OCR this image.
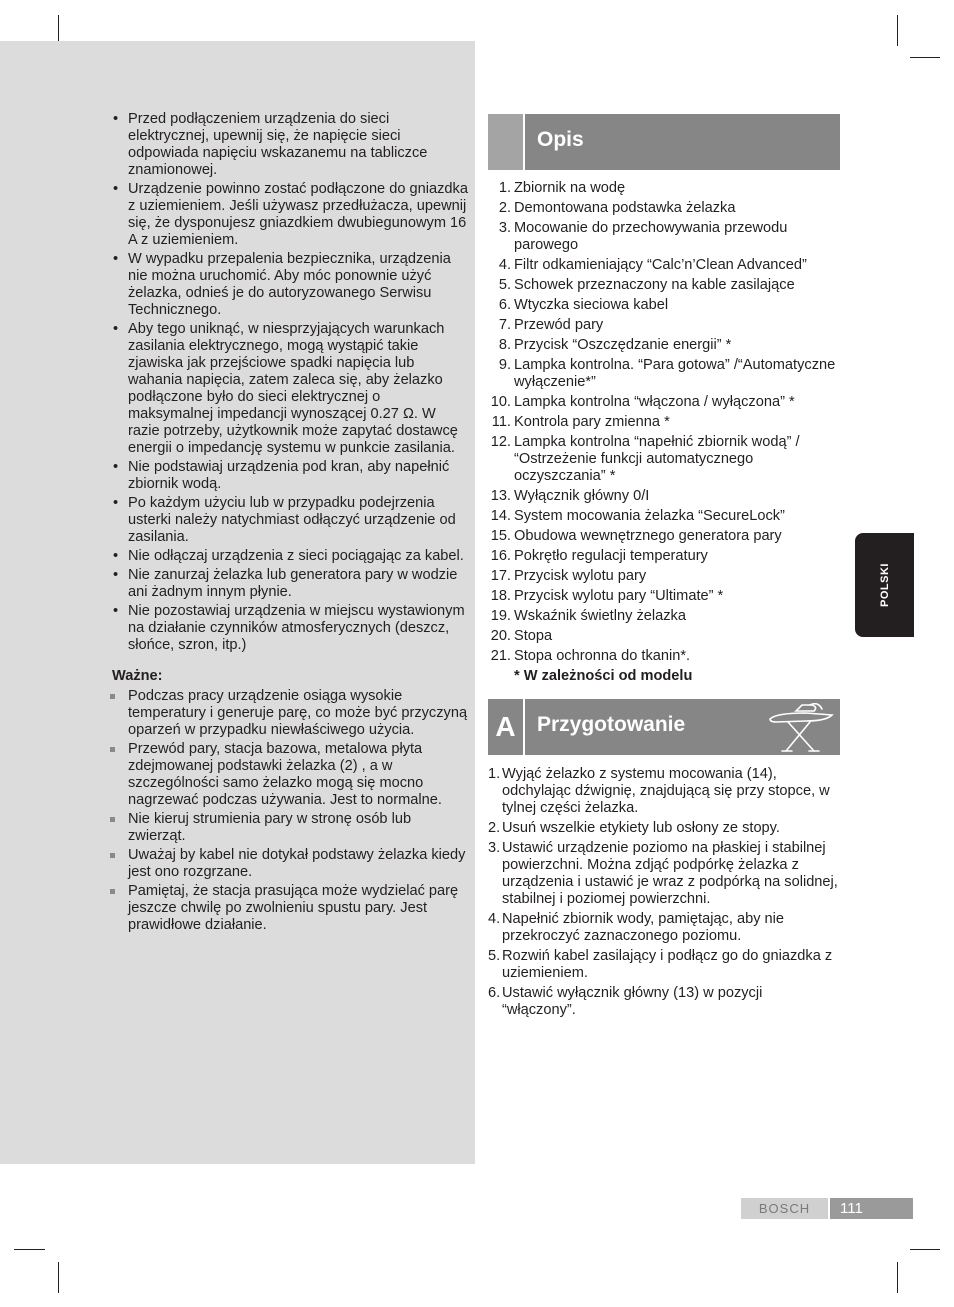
• Przed podłączeniem urządzenia do sieci elektrycznej, upewnij się, że napięcie sieci odpowiada napięciu wskazanemu na tabliczce znamionowej.
• Urządzenie powinno zostać podłączone do gniazdka z uziemieniem. Jeśli używasz przedłużacza, upewnij się, że dysponujesz gniazdkiem dwubiegunowym 16 A z uziemieniem.
• W wypadku przepalenia bezpiecznika, urządzenia nie można uruchomić. Aby móc ponownie użyć żelazka, odnieś je do autoryzowanego Serwisu Technicznego.
• Aby tego uniknąć, w niesprzyjających warunkach zasilania elektrycznego, mogą wystąpić takie zjawiska jak przejściowe spadki napięcia lub wahania napięcia, zatem zaleca się, aby żelazko podłączone było do sieci elektrycznej o maksymalnej impedancji wynoszącej 0.27 Ω. W razie potrzeby, użytkownik może zapytać dostawcę energii o impedancję systemu w punkcie zasilania.
• Nie podstawiaj urządzenia pod kran, aby napełnić zbiornik wodą.
• Po każdym użyciu lub w przypadku podejrzenia usterki należy natychmiast odłączyć urządzenie od zasilania.
• Nie odłączaj urządzenia z sieci pociągając za kabel.
• Nie zanurzaj żelazka lub generatora pary w wodzie ani żadnym innym płynie.
• Nie pozostawiaj urządzenia w miejscu wystawionym na działanie czynników atmosferycznych (deszcz, słońce, szron, itp.)
Ważne:
Podczas pracy urządzenie osiąga wysokie temperatury i generuje parę, co może być przyczyną oparzeń w przypadku niewłaściwego użycia.
Przewód pary, stacja bazowa, metalowa płyta zdejmowanej podstawki żelazka (2) , a w szczególności samo żelazko mogą się mocno nagrzewać podczas używania. Jest to normalne.
Nie kieruj strumienia pary w stronę osób lub zwierząt.
Uważaj by kabel nie dotykał podstawy żelazka kiedy jest ono rozgrzane.
Pamiętaj, że stacja prasująca może wydzielać parę jeszcze chwilę po zwolnieniu spustu pary. Jest prawidłowe działanie.
Opis
1. Zbiornik na wodę
2. Demontowana podstawka żelazka
3. Mocowanie do przechowywania przewodu parowego
4. Filtr odkamieniający “Calc’n’Clean Advanced”
5. Schowek przeznaczony na kable zasilające
6. Wtyczka sieciowa kabel
7. Przewód pary
8. Przycisk “Oszczędzanie energii” *
9. Lampka kontrolna. “Para gotowa” /“Automatyczne wyłączenie*”
10. Lampka kontrolna “włączona / wyłączona” *
11. Kontrola pary zmienna *
12. Lampka kontrolna “napełnić zbiornik wodą” / “Ostrzeżenie funkcji automatycznego oczyszczania” *
13. Wyłącznik główny 0/I
14. System mocowania żelazka “SecureLock”
15. Obudowa wewnętrznego generatora pary
16. Pokrętło regulacji temperatury
17. Przycisk wylotu pary
18. Przycisk wylotu pary “Ultimate” *
19. Wskaźnik świetlny żelazka
20. Stopa
21. Stopa ochronna do tkanin*.
* W zależności od modelu
A	Przygotowanie
1. Wyjąć żelazko z systemu mocowania (14), odchylając dźwignię, znajdującą się przy stopce, w tylnej części żelazka.
2. Usuń wszelkie etykiety lub osłony ze stopy.
3. Ustawić urządzenie poziomo na płaskiej i stabilnej powierzchni. Można zdjąć podpórkę żelazka z urządzenia i ustawić je wraz z podpórką na solidnej, stabilnej i poziomej powierzchni.
4. Napełnić zbiornik wody, pamiętając, aby nie przekroczyć zaznaczonego poziomu.
5. Rozwiń kabel zasilający i podłącz go do gniazdka z uziemieniem.
6. Ustawić wyłącznik główny (13) w pozycji “włączony”.
POLSKI
BOSCH	111
